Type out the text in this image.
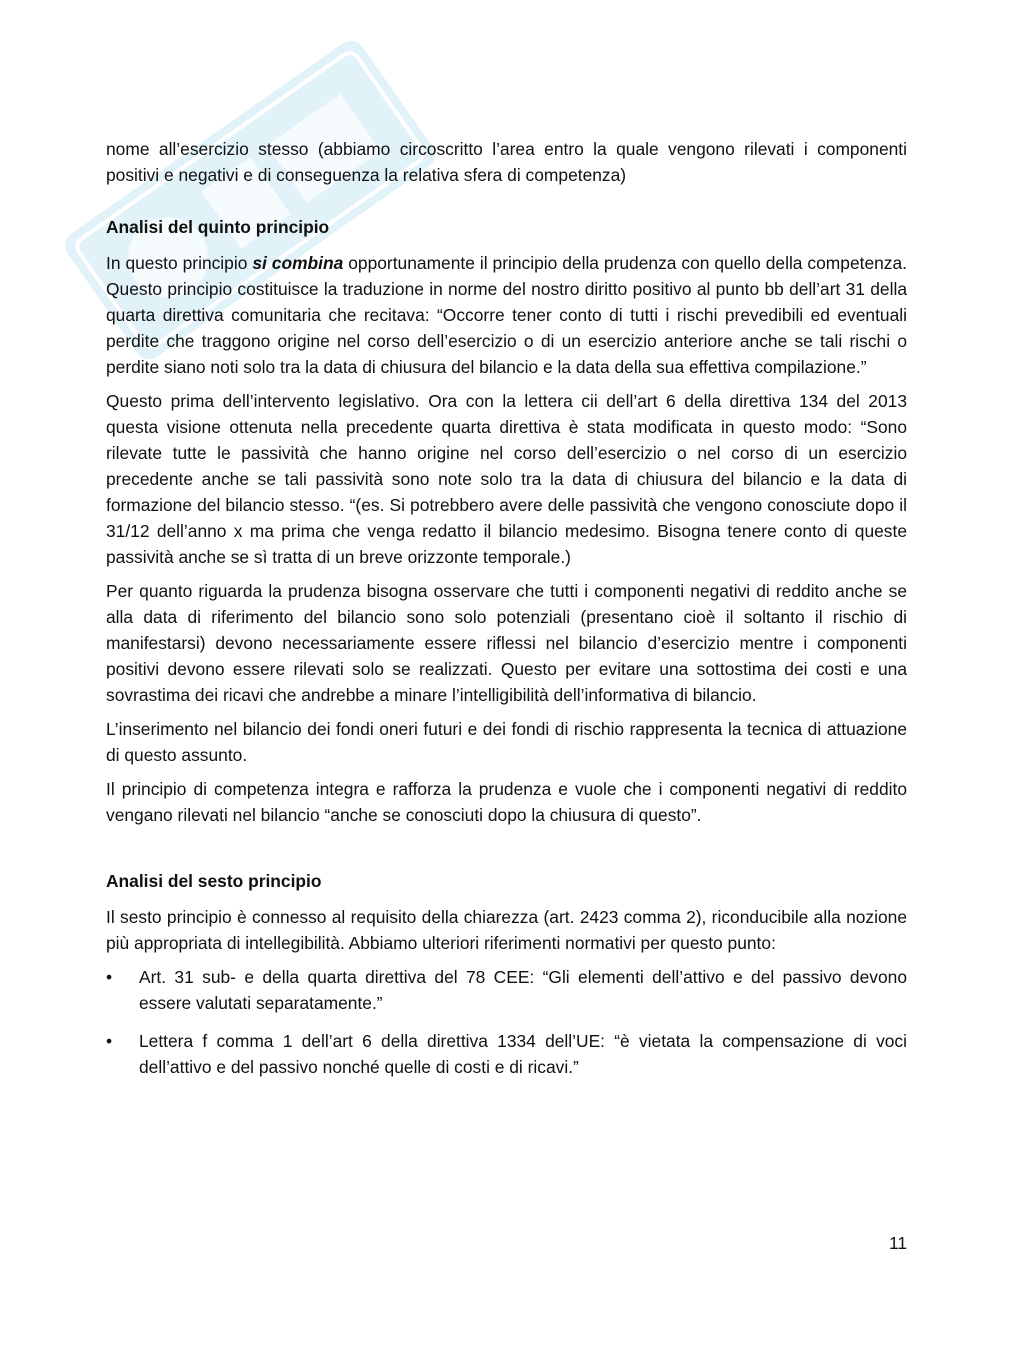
nome all’esercizio stesso (abbiamo circoscritto l’area entro la quale vengono rilevati i componenti positivi e negativi e di conseguenza la relativa sfera di competenza)

Analisi del quinto principio

In questo principio si combina opportunamente il principio della prudenza con quello della competenza. Questo principio costituisce la traduzione in norme del nostro diritto positivo al punto bb dell’art 31 della quarta direttiva comunitaria che recitava: “Occorre tener conto di tutti i rischi prevedibili ed eventuali perdite che traggono origine nel corso dell’esercizio o di un esercizio anteriore anche se tali rischi o perdite siano noti solo tra la data di chiusura del bilancio e la data della sua effettiva compilazione.”

Questo prima dell’intervento legislativo. Ora con la lettera cii dell’art 6 della direttiva 134 del 2013 questa visione ottenuta nella precedente quarta direttiva è stata modificata in questo modo: “Sono rilevate tutte le passività che hanno origine nel corso dell’esercizio o nel corso di un esercizio precedente anche se tali passività sono note solo tra la data di chiusura del bilancio e la data di formazione del bilancio stesso. “(es. Si potrebbero avere delle passività che vengono conosciute dopo il 31/12 dell’anno x ma prima che venga redatto il bilancio medesimo. Bisogna tenere conto di queste passività anche se sì tratta di un breve orizzonte temporale.)

Per quanto riguarda la prudenza bisogna osservare che tutti i componenti negativi di reddito anche se alla data di riferimento del bilancio sono solo potenziali (presentano cioè il soltanto il rischio di manifestarsi) devono necessariamente essere riflessi nel bilancio d’esercizio mentre i componenti positivi devono essere rilevati solo se realizzati. Questo per evitare una sottostima dei costi e una sovrastima dei ricavi che andrebbe a minare l’intelligibilità dell’informativa di bilancio.

L’inserimento nel bilancio dei fondi oneri futuri e dei fondi di rischio rappresenta la tecnica di attuazione di questo assunto.

Il principio di competenza integra e rafforza la prudenza e vuole che i componenti negativi di reddito vengano rilevati nel bilancio “anche se conosciuti dopo la chiusura di questo”.

Analisi del sesto principio

Il sesto principio è connesso al requisito della chiarezza (art. 2423 comma 2), riconducibile alla nozione più appropriata di intellegibilità. Abbiamo ulteriori riferimenti normativi per questo punto:

• Art. 31 sub- e della quarta direttiva del 78 CEE: “Gli elementi dell’attivo e del passivo devono essere valutati separatamente.”
• Lettera f comma 1 dell’art 6 della direttiva 1334 dell’UE: “è vietata la compensazione di voci dell’attivo e del passivo nonché quelle di costi e di ricavi.”
11
